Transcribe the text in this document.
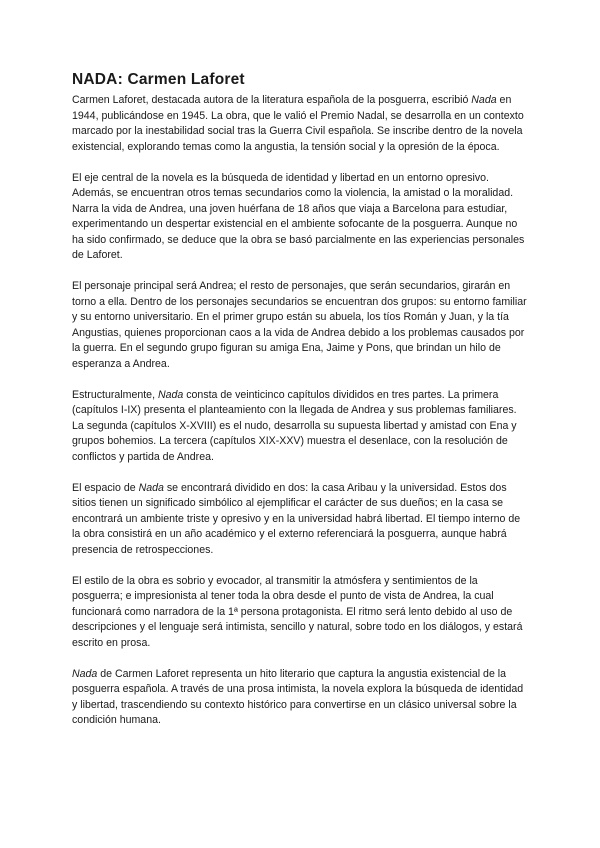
NADA: Carmen Laforet

Carmen Laforet, destacada autora de la literatura española de la posguerra, escribió Nada en 1944, publicándose en 1945. La obra, que le valió el Premio Nadal, se desarrolla en un contexto marcado por la inestabilidad social tras la Guerra Civil española. Se inscribe dentro de la novela existencial, explorando temas como la angustia, la tensión social y la opresión de la época.

El eje central de la novela es la búsqueda de identidad y libertad en un entorno opresivo. Además, se encuentran otros temas secundarios como la violencia, la amistad o la moralidad. Narra la vida de Andrea, una joven huérfana de 18 años que viaja a Barcelona para estudiar, experimentando un despertar existencial en el ambiente sofocante de la posguerra. Aunque no ha sido confirmado, se deduce que la obra se basó parcialmente en las experiencias personales de Laforet.

El personaje principal será Andrea; el resto de personajes, que serán secundarios, girarán en torno a ella. Dentro de los personajes secundarios se encuentran dos grupos: su entorno familiar y su entorno universitario. En el primer grupo están su abuela, los tíos Román y Juan, y la tía Angustias, quienes proporcionan caos a la vida de Andrea debido a los problemas causados por la guerra. En el segundo grupo figuran su amiga Ena, Jaime y Pons, que brindan un hilo de esperanza a Andrea.

Estructuralmente, Nada consta de veinticinco capítulos divididos en tres partes. La primera (capítulos I-IX) presenta el planteamiento con la llegada de Andrea y sus problemas familiares. La segunda (capítulos X-XVIII) es el nudo, desarrolla su supuesta libertad y amistad con Ena y grupos bohemios. La tercera (capítulos XIX-XXV) muestra el desenlace, con la resolución de conflictos y partida de Andrea.

El espacio de Nada se encontrará dividido en dos: la casa Aribau y la universidad. Estos dos sitios tienen un significado simbólico al ejemplificar el carácter de sus dueños; en la casa se encontrará un ambiente triste y opresivo y en la universidad habrá libertad. El tiempo interno de la obra consistirá en un año académico y el externo referenciará la posguerra, aunque habrá presencia de retrospecciones.

El estilo de la obra es sobrio y evocador, al transmitir la atmósfera y sentimientos de la posguerra; e impresionista al tener toda la obra desde el punto de vista de Andrea, la cual funcionará como narradora de la 1ª persona protagonista. El ritmo será lento debido al uso de descripciones y el lenguaje será intimista, sencillo y natural, sobre todo en los diálogos, y estará escrito en prosa.

Nada de Carmen Laforet representa un hito literario que captura la angustia existencial de la posguerra española. A través de una prosa intimista, la novela explora la búsqueda de identidad y libertad, trascendiendo su contexto histórico para convertirse en un clásico universal sobre la condición humana.
